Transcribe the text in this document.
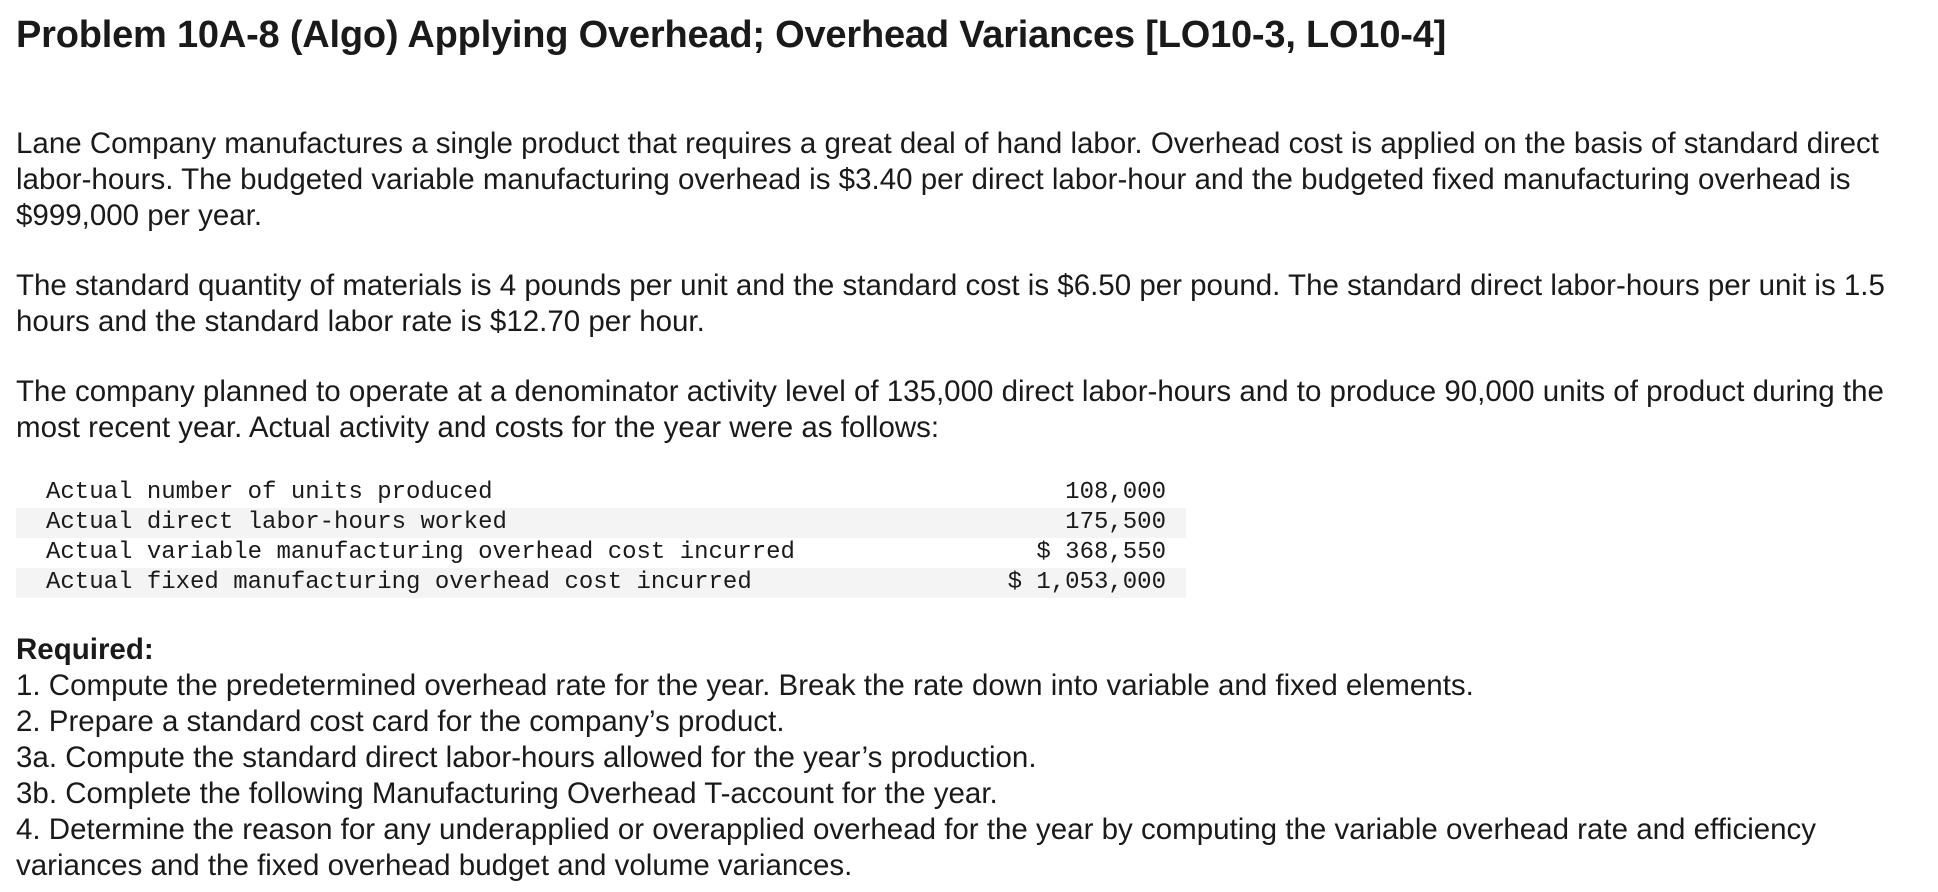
Problem 10A-8 (Algo) Applying Overhead; Overhead Variances [LO10-3, LO10-4]

Lane Company manufactures a single product that requires a great deal of hand labor. Overhead cost is applied on the basis of standard direct labor-hours. The budgeted variable manufacturing overhead is $3.40 per direct labor-hour and the budgeted fixed manufacturing overhead is $999,000 per year.

The standard quantity of materials is 4 pounds per unit and the standard cost is $6.50 per pound. The standard direct labor-hours per unit is 1.5 hours and the standard labor rate is $12.70 per hour.

The company planned to operate at a denominator activity level of 135,000 direct labor-hours and to produce 90,000 units of product during the most recent year. Actual activity and costs for the year were as follows:

Actual number of units produced	108,000
Actual direct labor-hours worked	175,500
Actual variable manufacturing overhead cost incurred	$ 368,550
Actual fixed manufacturing overhead cost incurred	$ 1,053,000

Required:

1. Compute the predetermined overhead rate for the year. Break the rate down into variable and fixed elements.
2. Prepare a standard cost card for the company’s product.
3a. Compute the standard direct labor-hours allowed for the year’s production.
3b. Complete the following Manufacturing Overhead T-account for the year.
4. Determine the reason for any underapplied or overapplied overhead for the year by computing the variable overhead rate and efficiency variances and the fixed overhead budget and volume variances.
